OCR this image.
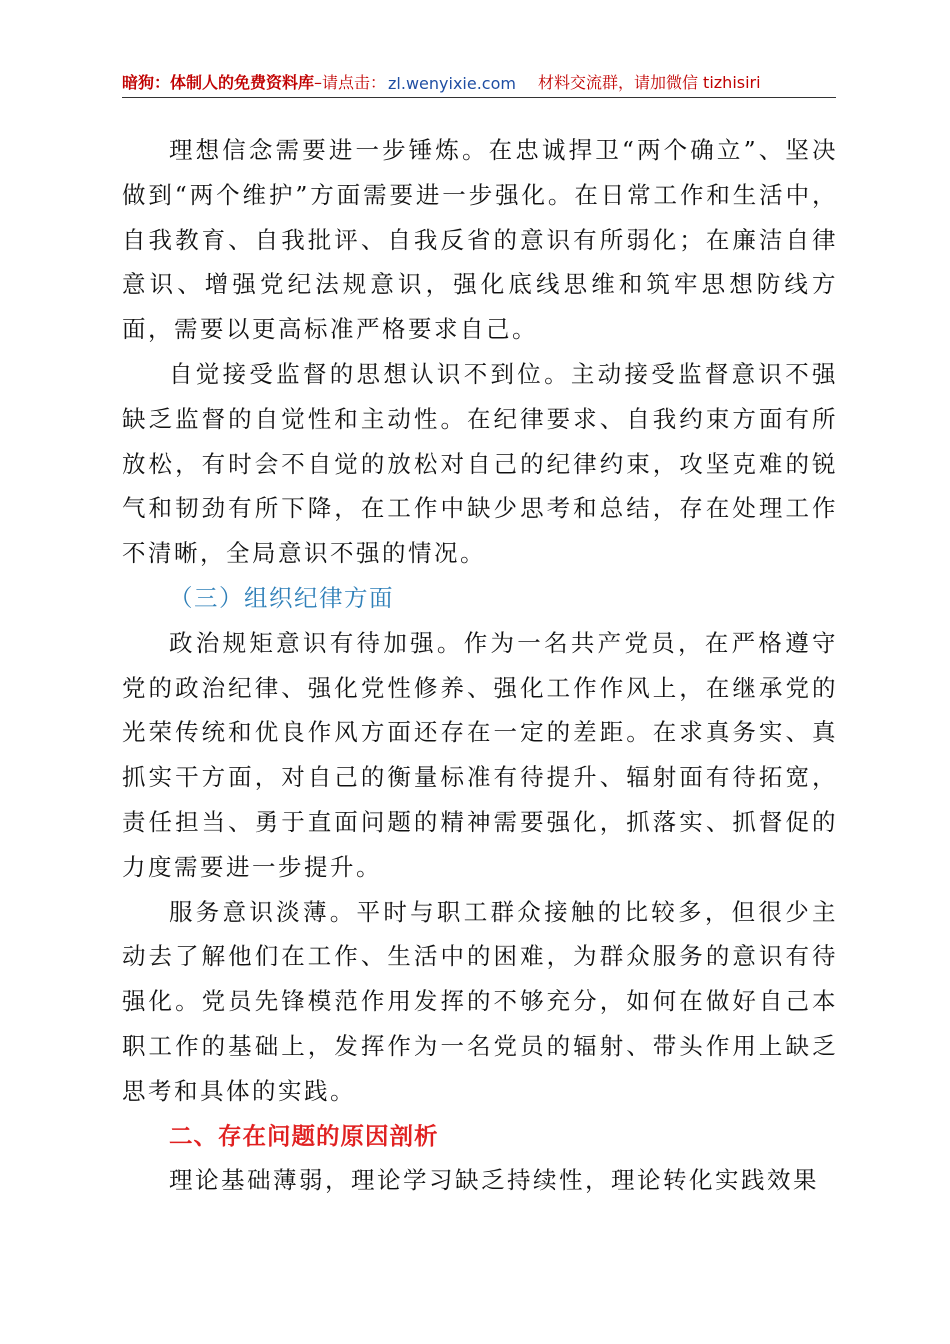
暗狗：体制人的免费资料库 –请点击： zl.wenyixie.com 材料交流群，请加微信 tizhisiri

理想信念需要进一步锤炼。在忠诚捍卫“两个确立”、坚决做到“两个维护”方面需要进一步强化。在日常工作和生活中，自我教育、自我批评、自我反省的意识有所弱化；在廉洁自律意识、增强党纪法规意识，强化底线思维和筑牢思想防线方面，需要以更高标准严格要求自己。

自觉接受监督的思想认识不到位。主动接受监督意识不强缺乏监督的自觉性和主动性。在纪律要求、自我约束方面有所放松，有时会不自觉的放松对自己的纪律约束，攻坚克难的锐气和韧劲有所下降，在工作中缺少思考和总结，存在处理工作不清晰，全局意识不强的情况。

（三）组织纪律方面

政治规矩意识有待加强。作为一名共产党员，在严格遵守党的政治纪律、强化党性修养、强化工作作风上，在继承党的光荣传统和优良作风方面还存在一定的差距。在求真务实、真抓实干方面，对自己的衡量标准有待提升、辐射面有待拓宽，责任担当、勇于直面问题的精神需要强化，抓落实、抓督促的力度需要进一步提升。

服务意识淡薄。平时与职工群众接触的比较多，但很少主动去了解他们在工作、生活中的困难，为群众服务的意识有待强化。党员先锋模范作用发挥的不够充分，如何在做好自己本职工作的基础上，发挥作为一名党员的辐射、带头作用上缺乏思考和具体的实践。

二、存在问题的原因剖析

理论基础薄弱，理论学习缺乏持续性，理论转化实践效果
